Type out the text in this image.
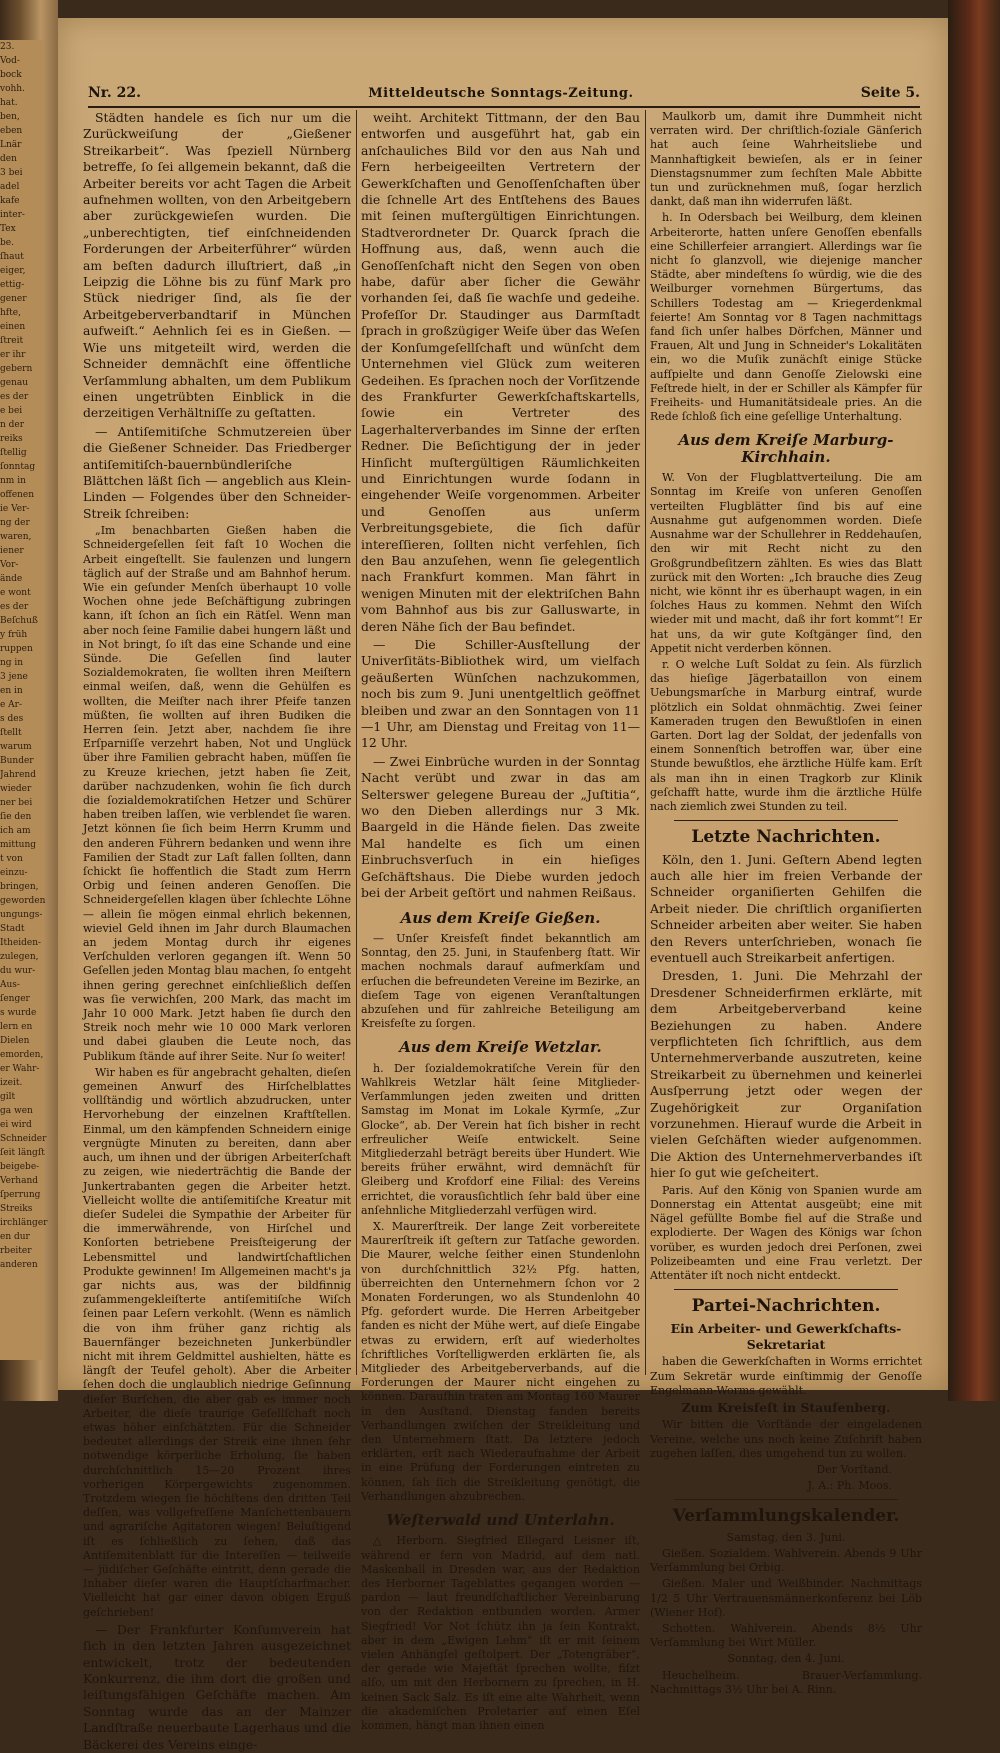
23.
Vod-
bock
vohh.
hat.
ben,
eben
Lnär
den
3 bei
adel
kafe
inter-
Tex
be.
ſhaut
eiger,
ettig-
gener
hfte,
einen
ſtreit
er ihr
gebern
genau
es der
e bei
n der
reiks
ſtellig
ſonntag
nm in
offenen
ie Ver-
ng der
waren,
iener
Vor-
ände
e wont
es der
Beſchuß
y früh
ruppen
ng in
3 jene
en in
e Ar-
s des
ſtellt
warum
Bunder
Jahrend
wieder
ner bei
ſie den
ich am
mittung
t von
einzu-
bringen,
geworden
ungungs-
Stadt
Itheiden-
zulegen,
du wur-
Aus-
ſenger
s wurde
lern en
Dielen
emorden,
er Wahr-
izeit.
gilt
ga wen
ei wird
Schneider
ſeit längſt
beigebe-
Verhand
ſperrung
Streiks
irchlänger
en dur
rbeiter
anderen
Nr. 22.	Mitteldeutsche Sonntags-Zeitung.	Seite 5.

Städten handele es ſich nur um die Zurückweiſung der „Gießener Streikarbeit“. Was ſpeziell Nürnberg betreffe, ſo ſei allgemein bekannt, daß die Arbeiter bereits vor acht Tagen die Arbeit aufnehmen wollten, von den Arbeitgebern aber zurückgewieſen wurden. Die „unberechtigten, tief einſchneidenden Forderungen der Arbeiterführer“ würden am beſten dadurch illuſtriert, daß „in Leipzig die Löhne bis zu fünf Mark pro Stück niedriger ſind, als ſie der Arbeitgeberverbandtarif in München aufweiſt.“ Aehnlich ſei es in Gießen. — Wie uns mitgeteilt wird, werden die Schneider demnächſt eine öffentliche Verſammlung abhalten, um dem Publikum einen ungetrübten Einblick in die derzeitigen Verhältniſſe zu geſtatten.

— Antiſemitiſche Schmutzereien über die Gießener Schneider. Das Friedberger antiſemitiſch-bauernbündleriſche Blättchen läßt ſich — angeblich aus Klein-Linden — Folgendes über den Schneider-Streik ſchreiben:

„Im benachbarten Gießen haben die Schneidergeſellen ſeit faſt 10 Wochen die Arbeit eingeſtellt. Sie faulenzen und lungern täglich auf der Straße und am Bahnhof herum. Wie ein geſunder Menſch überhaupt 10 volle Wochen ohne jede Beſchäftigung zubringen kann, iſt ſchon an ſich ein Rätſel. Wenn man aber noch ſeine Familie dabei hungern läßt und in Not bringt, ſo iſt das eine Schande und eine Sünde. Die Geſellen ſind lauter Sozialdemokraten, ſie wollten ihren Meiſtern einmal weiſen, daß, wenn die Gehülfen es wollten, die Meiſter nach ihrer Pfeife tanzen müßten, ſie wollten auf ihren Budiken die Herren ſein. Jetzt aber, nachdem ſie ihre Erſparniſſe verzehrt haben, Not und Unglück über ihre Familien gebracht haben, müſſen ſie zu Kreuze kriechen, jetzt haben ſie Zeit, darüber nachzudenken, wohin ſie ſich durch die ſozialdemokratiſchen Hetzer und Schürer haben treiben laſſen, wie verblendet ſie waren. Jetzt können ſie ſich beim Herrn Krumm und den anderen Führern bedanken und wenn ihre Familien der Stadt zur Laſt fallen ſollten, dann ſchickt ſie hoffentlich die Stadt zum Herrn Orbig und ſeinen anderen Genoſſen. Die Schneidergeſellen klagen über ſchlechte Löhne — allein ſie mögen einmal ehrlich bekennen, wieviel Geld ihnen im Jahr durch Blaumachen an jedem Montag durch ihr eigenes Verſchulden verloren gegangen iſt. Wenn 50 Geſellen jeden Montag blau machen, ſo entgeht ihnen gering gerechnet einſchließlich deſſen was ſie verwichſen, 200 Mark, das macht im Jahr 10 000 Mark. Jetzt haben ſie durch den Streik noch mehr wie 10 000 Mark verloren und dabei glauben die Leute noch, das Publikum ſtände auf ihrer Seite. Nur ſo weiter!

Wir haben es für angebracht gehalten, dieſen gemeinen Anwurf des Hirſchelblattes vollſtändig und wörtlich abzudrucken, unter Hervorhebung der einzelnen Kraftſtellen. Einmal, um den kämpfenden Schneidern einige vergnügte Minuten zu bereiten, dann aber auch, um ihnen und der übrigen Arbeiterſchaft zu zeigen, wie niederträchtig die Bande der Junkertrabanten gegen die Arbeiter hetzt. Vielleicht wollte die antiſemitiſche Kreatur mit dieſer Sudelei die Sympathie der Arbeiter für die immerwährende, von Hirſchel und Konſorten betriebene Preisſteigerung der Lebensmittel und landwirtſchaftlichen Produkte gewinnen! Im Allgemeinen macht's ja gar nichts aus, was der bildfinnig zuſammengekleiſterte antiſemitiſche Wiſch ſeinen paar Leſern verkohlt. (Wenn es nämlich die von ihm früher ganz richtig als Bauernfänger bezeichneten Junkerbündler nicht mit ihrem Geldmittel aushielten, hätte es längſt der Teufel geholt). Aber die Arbeiter ſehen doch die unglaublich niedrige Geſinnung dieſer Burſchen, die aber gab es immer noch Arbeiter, die dieſe traurige Geſellſchaft noch etwas höher einſchätzten. Für die Schneider bedeutet allerdings der Streik eine ihnen ſehr notwendige körperliche Erholung, ſie haben durchſchnittlich 15—20 Prozent ihres vorherigen Körpergewichts zugenommen. Trotzdem wiegen ſie höchſtens den dritten Teil deſſen, was vollgefreſſene Manſchettenbauern und agrariſche Agitatoren wiegen! Beluſtigend iſt es ſchließlich zu ſehen, daß das Antiſemitenblatt für die Intereſſen — teilweiſe — jüdiſcher Geſchäfte eintritt, denn gerade die Inhaber dieſer waren die Hauptſcharfmacher. Vielleicht hat gar einer davon obigen Erguß geſchrieben!

— Der Frankfurter Konſumverein hat ſich in den letzten Jahren ausgezeichnet entwickelt, trotz der bedeutenden Konkurrenz, die ihm dort die großen und leiſtungsfähigen Geſchäfte machen. Am Sonntag wurde das an der Mainzer Landſtraße neuerbaute Lagerhaus und die Bäckerei des Vereins einge-

weiht. Architekt Tittmann, der den Bau entworfen und ausgeführt hat, gab ein anſchauliches Bild vor den aus Nah und Fern herbeigeeilten Vertretern der Gewerkſchaften und Genoſſenſchaften über die ſchnelle Art des Entſtehens des Baues mit ſeinen muſtergültigen Einrichtungen. Stadtverordneter Dr. Quarck ſprach die Hoffnung aus, daß, wenn auch die Genoſſenſchaft nicht den Segen von oben habe, dafür aber ſicher die Gewähr vorhanden ſei, daß ſie wachſe und gedeihe. Profeſſor Dr. Staudinger aus Darmſtadt ſprach in großzügiger Weiſe über das Weſen der Konſumgeſellſchaft und wünſcht dem Unternehmen viel Glück zum weiteren Gedeihen. Es ſprachen noch der Vorſitzende des Frankfurter Gewerkſchaftskartells, ſowie ein Vertreter des Lagerhalterverbandes im Sinne der erſten Redner. Die Beſichtigung der in jeder Hinſicht muſtergültigen Räumlichkeiten und Einrichtungen wurde ſodann in eingehender Weiſe vorgenommen. Arbeiter und Genoſſen aus unſerm Verbreitungsgebiete, die ſich dafür intereſſieren, ſollten nicht verfehlen, ſich den Bau anzuſehen, wenn ſie gelegentlich nach Frankfurt kommen. Man fährt in wenigen Minuten mit der elektriſchen Bahn vom Bahnhof aus bis zur Galluswarte, in deren Nähe ſich der Bau befindet.

— Die Schiller-Ausſtellung der Univerſitäts-Bibliothek wird, um vielfach geäußerten Wünſchen nachzukommen, noch bis zum 9. Juni unentgeltlich geöffnet bleiben und zwar an den Sonntagen von 11—1 Uhr, am Dienstag und Freitag von 11—12 Uhr.

— Zwei Einbrüche wurden in der Sonntag Nacht verübt und zwar in das am Selterswег gelegene Bureau der „Juſtitia“, wo den Dieben allerdings nur 3 Mk. Baargeld in die Hände fielen. Das zweite Mal handelte es ſich um einen Einbruchsverſuch in ein hieſiges Geſchäftshaus. Die Diebe wurden jedoch bei der Arbeit geſtört und nahmen Reißaus.

Aus dem Kreiſe Gießen.

— Unſer Kreisfeſt findet bekanntlich am Sonntag, den 25. Juni, in Staufenberg ſtatt. Wir machen nochmals darauf aufmerkſam und erſuchen die befreundeten Vereine im Bezirke, an dieſem Tage von eigenen Veranſtaltungen abzuſehen und für zahlreiche Beteiligung am Kreisfeſte zu ſorgen.

Aus dem Kreiſe Wetzlar.

h. Der ſozialdemokratiſche Verein für den Wahlkreis Wetzlar hält ſeine Mitglieder-Verſammlungen jeden zweiten und dritten Samstag im Monat im Lokale Kyrmſe, „Zur Glocke“, ab. Der Verein hat ſich bisher in recht erfreulicher Weiſe entwickelt. Seine Mitgliederzahl beträgt bereits über Hundert. Wie bereits früher erwähnt, wird demnächſt für Gleiberg und Krofdorf eine Filial: des Vereins errichtet, die vorausſichtlich ſehr bald über eine anſehnliche Mitgliederzahl verfügen wird.

X. Maurerſtreik. Der lange Zeit vorbereitete Maurerſtreik iſt geſtern zur Tatſache geworden. Die Maurer, welche ſeither einen Stundenlohn von durchſchnittlich 32½ Pfg. hatten, überreichten den Unternehmern ſchon vor 2 Monaten Forderungen, wo als Stundenlohn 40 Pfg. gefordert wurde. Die Herren Arbeitgeber fanden es nicht der Mühe wert, auf dieſe Eingabe etwas zu erwidern, erſt auf wiederholtes ſchriftliches Vorſtelligwerden erklärten ſie, als Mitglieder des Arbeitgeberverbands, auf die Forderungen der Maurer nicht eingehen zu können. Daraufhin traten am Montag 160 Maurer in den Ausſtand. Dienstag fanden bereits Verhandlungen zwiſchen der Streikleitung und den Unternehmern ſtatt. Da letztere jedoch erklärten, erſt nach Wiederaufnahme der Arbeit in eine Prüfung der Forderungen eintreten zu können, ſah ſich die Streikleitung genötigt, die Verhandlungen abzubrechen.

Weſterwald und Unterlahn.

△ Herborn. Siegfried Ellegard Leisner iſt, während er fern von Madrid, auf dem natl. Maskenball in Dresden war, aus der Redaktion des Herborner Tageblattes gegangen worden — pardon — laut freundſchaftlicher Vereinbarung von der Redaktion entbunden worden. Armer Siegfried! Vor Not ſchütz ihn ja ſein Kontrakt, aber in dem „Ewigen Lehm“ iſt er mit ſeinem vielen Anhängſel geſtolpert. Der „Totengräber“, der gerade wie Majeſtät ſprechen wollte, fiſzt alſo, um mit den Herbornern zu ſprechen, in H. keinen Sack Salz. Es iſt eine alte Wahrheit, wenn die akademiſchen Proletarier auf einen Eſel kommen, hängt man ihnen einen

Maulkorb um, damit ihre Dummheit nicht verraten wird. Der chriſtlich-ſoziale Gänſerich hat auch ſeine Wahrheitsliebe und Mannhaftigkeit bewieſen, als er in ſeiner Dienstagsnummer zum ſechſten Male Abbitte tun und zurücknehmen muß, ſogar herzlich dankt, daß man ihn widerrufen läßt.

h. In Odersbach bei Weilburg, dem kleinen Arbeiterorte, hatten unſere Genoſſen ebenfalls eine Schillerfeier arrangiert. Allerdings war ſie nicht ſo glanzvoll, wie diejenige mancher Städte, aber mindeſtens ſo würdig, wie die des Weilburger vornehmen Bürgertums, das Schillers Todestag am — Kriegerdenkmal feierte! Am Sonntag vor 8 Tagen nachmittags fand ſich unſer halbes Dörfchen, Männer und Frauen, Alt und Jung in Schneider's Lokalitäten ein, wo die Muſik zunächſt einige Stücke aufſpielte und dann Genoſſe Zielowski eine Feſtrede hielt, in der er Schiller als Kämpfer für Freiheits- und Humanitätsideale pries. An die Rede ſchloß ſich eine geſellige Unterhaltung.

Aus dem Kreiſe Marburg-Kirchhain.

W. Von der Flugblattverteilung. Die am Sonntag im Kreiſe von unſeren Genoſſen verteilten Flugblätter ſind bis auf eine Ausnahme gut aufgenommen worden. Dieſe Ausnahme war der Schullehrer in Reddehauſen, den wir mit Recht nicht zu den Großgrundbeſitzern zählten. Es wies das Blatt zurück mit den Worten: „Ich brauche dies Zeug nicht, wie könnt ihr es überhaupt wagen, in ein ſolches Haus zu kommen. Nehmt den Wiſch wieder mit und macht, daß ihr fort kommt“! Er hat uns, da wir gute Koſtgänger ſind, den Appetit nicht verderben können.

r. O welche Luſt Soldat zu ſein. Als fürzlich das hieſige Jägerbataillon von einem Uebungsmarſche in Marburg eintraf, wurde plötzlich ein Soldat ohnmächtig. Zwei ſeiner Kameraden trugen den Bewußtloſen in einen Garten. Dort lag der Soldat, der jedenfalls von einem Sonnenſtich betroffen war, über eine Stunde bewußtlos, ehe ärztliche Hülfe kam. Erſt als man ihn in einen Tragkorb zur Klinik geſchafft hatte, wurde ihm die ärztliche Hülfe nach ziemlich zwei Stunden zu teil.

Letzte Nachrichten.

Köln, den 1. Juni. Geſtern Abend legten auch alle hier im freien Verbande der Schneider organiſierten Gehilfen die Arbeit nieder. Die chriſtlich organiſierten Schneider arbeiten aber weiter. Sie haben den Revers unterſchrieben, wonach ſie eventuell auch Streikarbeit anfertigen.

Dresden, 1. Juni. Die Mehrzahl der Dresdener Schneiderfirmen erklärte, mit dem Arbeitgeberverband keine Beziehungen zu haben. Andere verpflichteten ſich ſchriftlich, aus dem Unternehmerverbande auszutreten, keine Streikarbeit zu übernehmen und keinerlei Ausſperrung jetzt oder wegen der Zugehörigkeit zur Organiſation vorzunehmen. Hierauf wurde die Arbeit in vielen Geſchäften wieder aufgenommen. Die Aktion des Unternehmerverbandes iſt hier ſo gut wie geſcheitert.

Paris. Auf den König von Spanien wurde am Donnerstag ein Attentat ausgeübt; eine mit Nägel gefüllte Bombe fiel auf die Straße und explodierte. Der Wagen des Königs war ſchon vorüber, es wurden jedoch drei Perſonen, zwei Polizeibeamten und eine Frau verletzt. Der Attentäter iſt noch nicht entdeckt.

Partei-Nachrichten.

Ein Arbeiter- und Gewerkſchafts-Sekretariat

haben die Gewerkſchaften in Worms errichtet Zum Sekretär wurde einſtimmig der Genoſſe Engelmann-Worms gewählt.

Zum Kreisfeſt in Staufenberg.

Wir bitten die Vorſtände der eingeladenen Vereine, welche uns noch keine Zuſchrift haben zugehen laſſen, dies umgehend tun zu wollen.

Der Vorſtand.

J. A.: Ph. Moos.

Verſammlungskalender.

Samstag, den 3. Juni.

Gießen. Sozialdem. Wahlverein. Abends 9 Uhr Verſammlung bei Orbig.

Gießen. Maler und Weißbinder. Nachmittags 1/2 5 Uhr Vertrauensmännerkonferenz bei Löb (Wiener Hof).

Schotten. Wahlverein. Abends 8½ Uhr Verſammlung bei Wirt Müller.

Sonntag, den 4. Juni.

Heuchelheim. Brauer-Verſammlung. Nachmittags 3½ Uhr bei A. Rinn.
